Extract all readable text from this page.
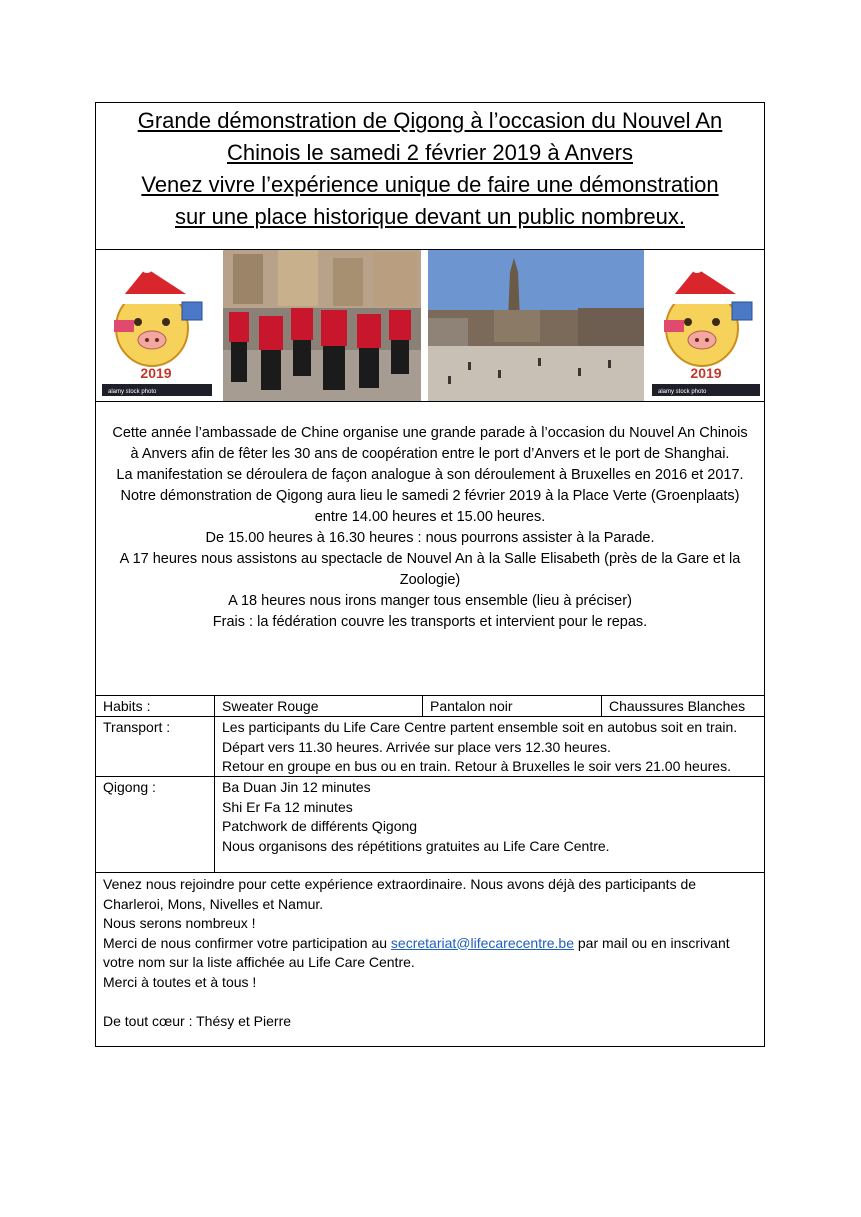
Grande démonstration de Qigong à l’occasion du Nouvel An
Chinois le samedi 2 février 2019 à Anvers
Venez vivre l’expérience unique de faire une démonstration
sur une place historique devant un public nombreux.
2019
alamy stock photo
2019
alamy stock photo

Cette année l’ambassade de Chine organise une grande parade à l’occasion du Nouvel An Chinois à Anvers afin de fêter les 30 ans de coopération entre le port d’Anvers et le port de Shanghai.

La manifestation se déroulera de façon analogue à son déroulement à Bruxelles en 2016 et 2017.

Notre démonstration de Qigong aura lieu le samedi 2 février 2019 à la Place Verte (Groenplaats) entre 14.00 heures et 15.00 heures.

De 15.00 heures à 16.30 heures : nous pourrons assister à la Parade.

A 17 heures nous assistons au spectacle de Nouvel An à la Salle Elisabeth (près de la Gare et la Zoologie)

A 18 heures nous irons manger tous ensemble (lieu à préciser)

Frais : la fédération couvre les transports et intervient pour le repas.

Habits :	Sweater Rouge	Pantalon noir	Chaussures Blanches
Transport :	Les participants du Life Care Centre partent ensemble soit en autobus soit en train.
Départ vers 11.30 heures. Arrivée sur place vers 12.30 heures.
Retour en groupe en bus ou en train. Retour à Bruxelles le soir vers 21.00 heures.
Qigong :	Ba Duan Jin 12 minutes
Shi Er Fa 12 minutes
Patchwork de différents Qigong
Nous organisons des répétitions gratuites au Life Care Centre.

Venez nous rejoindre pour cette expérience extraordinaire. Nous avons déjà des participants de Charleroi, Mons, Nivelles et Namur.

Nous serons nombreux !

Merci de nous confirmer votre participation au secretariat@lifecarecentre.be par mail ou en inscrivant votre nom sur la liste affichée au Life Care Centre.

Merci à toutes et à tous !

De tout cœur : Thésy et Pierre
